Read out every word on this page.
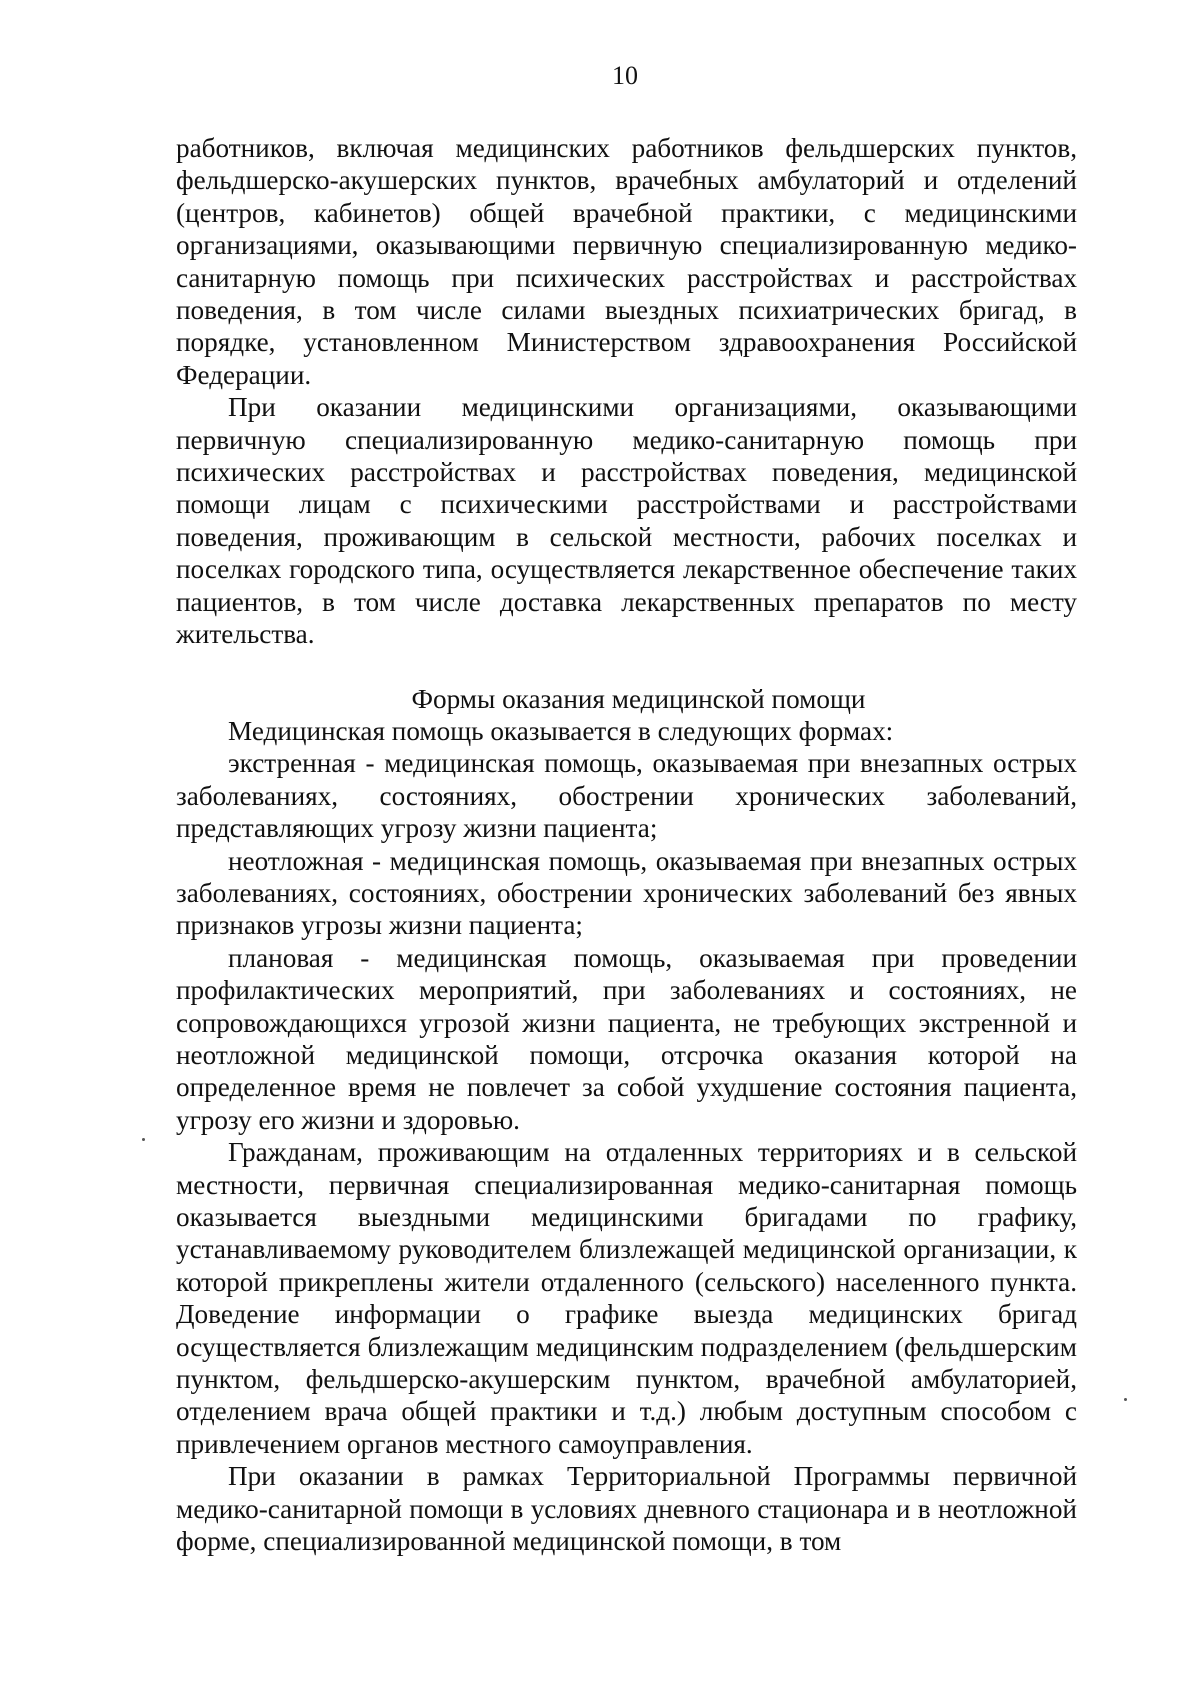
10

работников, включая медицинских работников фельдшерских пунктов, фельдшерско-акушерских пунктов, врачебных амбулаторий и отделений (центров, кабинетов) общей врачебной практики, с медицинскими организациями, оказывающими первичную специализированную медико-санитарную помощь при психических расстройствах и расстройствах поведения, в том числе силами выездных психиатрических бригад, в порядке, установленном Министерством здравоохранения Российской Федерации.

При оказании медицинскими организациями, оказывающими первичную специализированную медико-санитарную помощь при психических расстройствах и расстройствах поведения, медицинской помощи лицам с психическими расстройствами и расстройствами поведения, проживающим в сельской местности, рабочих поселках и поселках городского типа, осуществляется лекарственное обеспечение таких пациентов, в том числе доставка лекарственных препаратов по месту жительства.

Формы оказания медицинской помощи

Медицинская помощь оказывается в следующих формах:

экстренная - медицинская помощь, оказываемая при внезапных острых заболеваниях, состояниях, обострении хронических заболеваний, представляющих угрозу жизни пациента;

неотложная - медицинская помощь, оказываемая при внезапных острых заболеваниях, состояниях, обострении хронических заболеваний без явных признаков угрозы жизни пациента;

плановая - медицинская помощь, оказываемая при проведении профилактических мероприятий, при заболеваниях и состояниях, не сопровождающихся угрозой жизни пациента, не требующих экстренной и неотложной медицинской помощи, отсрочка оказания которой на определенное время не повлечет за собой ухудшение состояния пациента, угрозу его жизни и здоровью.

Гражданам, проживающим на отдаленных территориях и в сельской местности, первичная специализированная медико-санитарная помощь оказывается выездными медицинскими бригадами по графику, устанавливаемому руководителем близлежащей медицинской организации, к которой прикреплены жители отдаленного (сельского) населенного пункта. Доведение информации о графике выезда медицинских бригад осуществляется близлежащим медицинским подразделением (фельдшерским пунктом, фельдшерско-акушерским пунктом, врачебной амбулаторией, отделением врача общей практики и т.д.) любым доступным способом с привлечением органов местного самоуправления.

При оказании в рамках Территориальной Программы первичной медико-санитарной помощи в условиях дневного стационара и в неотложной форме, специализированной медицинской помощи, в том
